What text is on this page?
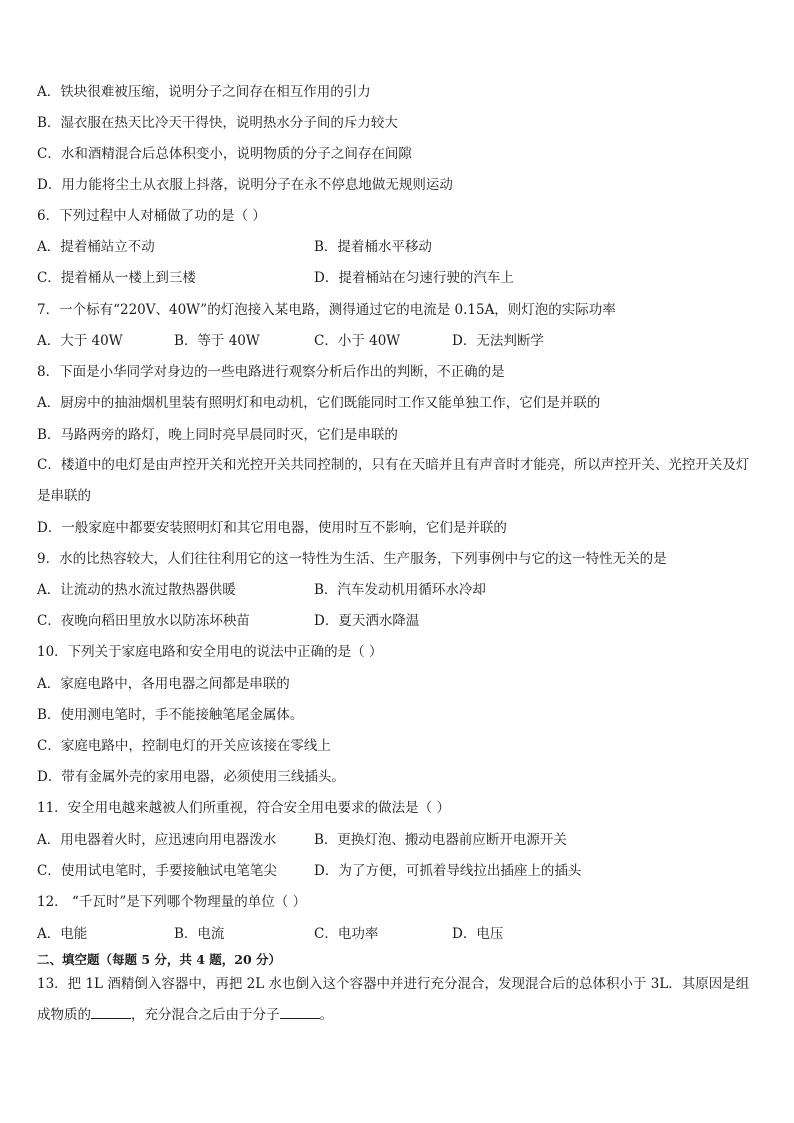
A．铁块很难被压缩，说明分子之间存在相互作用的引力
B．湿衣服在热天比冷天干得快，说明热水分子间的斥力较大
C．水和酒精混合后总体积变小，说明物质的分子之间存在间隙
D．用力能将尘土从衣服上抖落，说明分子在永不停息地做无规则运动
6．下列过程中人对桶做了功的是（ ）
A．提着桶站立不动	B．提着桶水平移动
C．提着桶从一楼上到三楼	D．提着桶站在匀速行驶的汽车上
7．一个标有“220V、40W”的灯泡接入某电路，测得通过它的电流是 0.15A，则灯泡的实际功率
A．大于 40W	B．等于 40W	C．小于 40W	D．无法判断学
8．下面是小华同学对身边的一些电路进行观察分析后作出的判断，不正确的是
A．厨房中的抽油烟机里装有照明灯和电动机，它们既能同时工作又能单独工作，它们是并联的
B．马路两旁的路灯，晚上同时亮早晨同时灭，它们是串联的
C．楼道中的电灯是由声控开关和光控开关共同控制的，只有在天暗并且有声音时才能亮，所以声控开关、光控开关及灯是串联的
D．一般家庭中都要安装照明灯和其它用电器，使用时互不影响，它们是并联的
9．水的比热容较大，人们往往利用它的这一特性为生活、生产服务，下列事例中与它的这一特性无关的是
A．让流动的热水流过散热器供暖	B．汽车发动机用循环水冷却
C．夜晚向稻田里放水以防冻坏秧苗	D．夏天洒水降温
10．下列关于家庭电路和安全用电的说法中正确的是（ ）
A．家庭电路中，各用电器之间都是串联的
B．使用测电笔时，手不能接触笔尾金属体。
C．家庭电路中，控制电灯的开关应该接在零线上
D．带有金属外壳的家用电器，必须使用三线插头。
11．安全用电越来越被人们所重视，符合安全用电要求的做法是（ ）
A．用电器着火时，应迅速向用电器泼水	B．更换灯泡、搬动电器前应断开电源开关
C．使用试电笔时，手要接触试电笔笔尖	D．为了方便，可抓着导线拉出插座上的插头
12． “千瓦时”是下列哪个物理量的单位（ ）
A．电能	B．电流	C．电功率	D．电压
二、填空题（每题 5 分，共 4 题，20 分）
13．把 1L 酒精倒入容器中，再把 2L 水也倒入这个容器中并进行充分混合，发现混合后的总体积小于 3L．其原因是组成物质的	，充分混合之后由于分子	。
